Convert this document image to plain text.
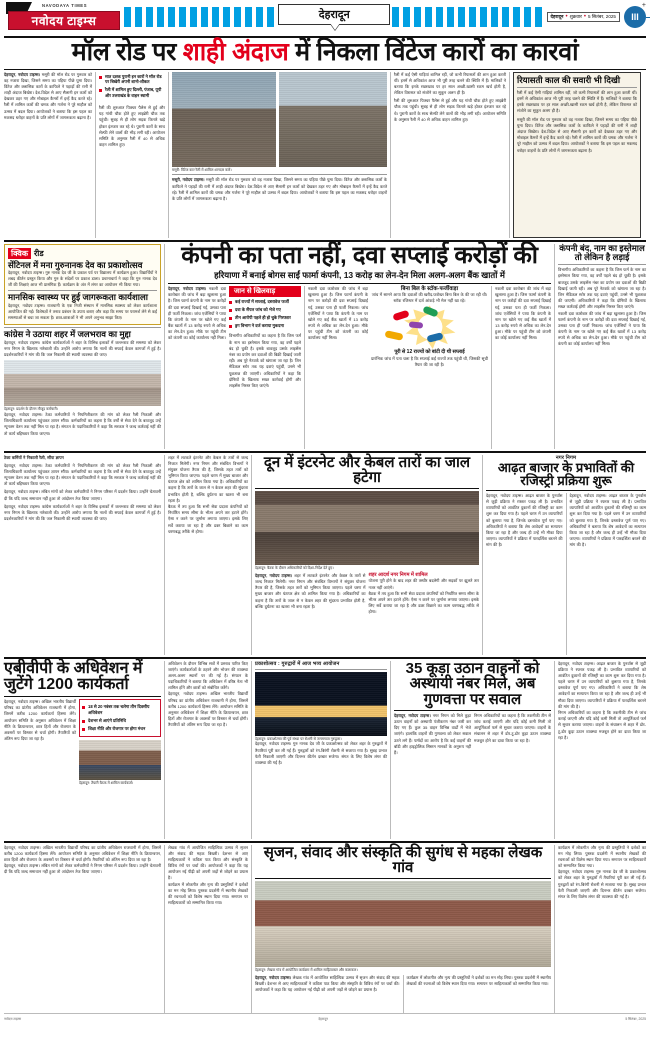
NAVODAYA TIMES
नवोदय टाइम्स	देहरादून	देहरादून • शुक्रवार • 5 सितंबर, 2025 III
+
मॉल रोड पर शाही अंदाज में निकला विंटेज कारों का कारवां

देहरादून, नवोदय टाइम्स। मसूरी की मॉल रोड पर गुरुवार को वह नजारा दिखा, जिसने समय का पहिया पीछे घुमा दिया। विंटेज और क्लासिक कारों के काफिले ने पहाड़ों की रानी में शाही अंदाज बिखेरा। देश-विदेश से आए सैलानी इन कारों को देखकर ठहर गए और मोबाइल कैमरों में इन्हें कैद करते रहे। रैली में शामिल कारों की चमक और गर्जना ने पूरे माहौल को उत्सव में बदल दिया। आयोजकों ने बताया कि इस पहल का मकसद धरोहर वाहनों के प्रति लोगों में जागरूकता बढ़ाना है।

सात दशक पुरानी इन कारों ने मॉल रोड पर बिखेरी अपनी शानो-शौकत
रैली में शामिल हुए दिल्ली, पंजाब, यूपी और उत्तराखंड के वाहन स्वामी

रैली की शुरुआत पिक्चर पैलेस से हुई और यह गांधी चौक होते हुए लाइब्रेरी चौक तक पहुंची। सुबह से ही लोग सड़क किनारे खड़े होकर इंतजार कर रहे थे। पुरानी कारों के साथ सेल्फी लेने वालों की भीड़ लगी रही। आयोजन समिति के अनुसार रैली में 40 से अधिक वाहन शामिल हुए।

मसूरी: विंटेज कार रैली में शामिल शानदार कारें।

मसूरी, नवोदय टाइम्स। मसूरी की मॉल रोड पर गुरुवार को वह नजारा दिखा, जिसने समय का पहिया पीछे घुमा दिया। विंटेज और क्लासिक कारों के काफिले ने पहाड़ों की रानी में शाही अंदाज बिखेरा। देश-विदेश से आए सैलानी इन कारों को देखकर ठहर गए और मोबाइल कैमरों में इन्हें कैद करते रहे। रैली में शामिल कारों की चमक और गर्जना ने पूरे माहौल को उत्सव में बदल दिया। आयोजकों ने बताया कि इस पहल का मकसद धरोहर वाहनों के प्रति लोगों में जागरूकता बढ़ाना है।

रैली में कई ऐसी गाड़ियां शामिल रहीं, जो कभी रियासतों की शान हुआ करती थीं। इनमें से अधिकांश आज भी पूरी तरह चलने की स्थिति में हैं। मालिकों ने बताया कि इनके रखरखाव पर हर साल अच्छी-खासी रकम खर्च होती है, लेकिन विरासत को संजोने का सुकून अलग ही है।

रैली की शुरुआत पिक्चर पैलेस से हुई और यह गांधी चौक होते हुए लाइब्रेरी चौक तक पहुंची। सुबह से ही लोग सड़क किनारे खड़े होकर इंतजार कर रहे थे। पुरानी कारों के साथ सेल्फी लेने वालों की भीड़ लगी रही। आयोजन समिति के अनुसार रैली में 40 से अधिक वाहन शामिल हुए।

रियासती काल की सवारी भी दिखी

रैली में कई ऐसी गाड़ियां शामिल रहीं, जो कभी रियासतों की शान हुआ करती थीं। इनमें से अधिकांश आज भी पूरी तरह चलने की स्थिति में हैं। मालिकों ने बताया कि इनके रखरखाव पर हर साल अच्छी-खासी रकम खर्च होती है, लेकिन विरासत को संजोने का सुकून अलग ही है।

मसूरी की मॉल रोड पर गुरुवार को वह नजारा दिखा, जिसने समय का पहिया पीछे घुमा दिया। विंटेज और क्लासिक कारों के काफिले ने पहाड़ों की रानी में शाही अंदाज बिखेरा। देश-विदेश से आए सैलानी इन कारों को देखकर ठहर गए और मोबाइल कैमरों में इन्हें कैद करते रहे। रैली में शामिल कारों की चमक और गर्जना ने पूरे माहौल को उत्सव में बदल दिया। आयोजकों ने बताया कि इस पहल का मकसद धरोहर वाहनों के प्रति लोगों में जागरूकता बढ़ाना है।

क्विक रीड
सेंटिनल में मना गुरुनानक देव का प्रकाशोत्सव
देहरादून, नवोदय टाइम्स। गुरु नानक देव जी के प्रकाश पर्व पर विद्यालय में कार्यक्रम हुआ। विद्यार्थियों ने शबद कीर्तन प्रस्तुत किया और गुरु के संदेशों पर प्रकाश डाला। प्रधानाचार्य ने कहा कि गुरु नानक देव जी की शिक्षाएं आज भी प्रासंगिक हैं। कार्यक्रम के अंत में लंगर का आयोजन भी किया गया।
मानसिक स्वास्थ्य पर हुई जागरूकता कार्यशाला
देहरादून, नवोदय टाइम्स। राजधानी के एक निजी संस्थान में मानसिक स्वास्थ्य को लेकर कार्यशाला आयोजित की गई। विशेषज्ञों ने तनाव प्रबंधन के उपाय बताए और कहा कि समय पर परामर्श लेने से कई समस्याओं से बचा जा सकता है। छात्र-छात्राओं ने भी अपने अनुभव साझा किए।
कांग्रेस ने उठाया शहर में जलभराव का मुद्दा
देहरादून, नवोदय टाइम्स। कांग्रेस कार्यकर्ताओं ने शहर के विभिन्न इलाकों में जलभराव की समस्या को लेकर नगर निगम के खिलाफ नारेबाजी की। उन्होंने आरोप लगाया कि नालों की सफाई केवल कागजों में हुई है। प्रदर्शनकारियों ने मांग की कि जल निकासी की स्थायी व्यवस्था की जाए।
देहरादून: प्रदर्शन के दौरान मौजूद कर्मचारी।
देहरादून, नवोदय टाइम्स। ठेका कर्मचारियों ने नियमितीकरण की मांग को लेकर रैली निकाली और जिलाधिकारी कार्यालय पहुंचकर ज्ञापन सौंपा। कर्मचारियों का कहना है कि वर्षों से सेवा देने के बावजूद उन्हें न्यूनतम वेतन तक नहीं मिल पा रहा है। संगठन के पदाधिकारियों ने कहा कि सरकार ने जल्द कार्रवाई नहीं की तो कार्य बहिष्कार किया जाएगा।
कंपनी का पता नहीं, दवा सप्लाई करोड़ों की
हरियाणा में बनाई बोगस साईं फार्मा कंपनी, 13 करोड़ का लेन-देन मिला अलग-अलग बैंक खातों में

देहरादून, नवोदय टाइम्स। नकली दवा कारोबार की जांच में बड़ा खुलासा हुआ है। जिस फार्मा कंपनी के नाम पर करोड़ों की दवा सप्लाई दिखाई गई, उसका पता ही फर्जी निकला। जांच एजेंसियों ने पाया कि कंपनी के नाम पर खोले गए कई बैंक खातों में 13 करोड़ रुपये से अधिक का लेन-देन हुआ। मौके पर पहुंची टीम को कंपनी का कोई कार्यालय नहीं मिला।

जान से खिलवाड़
कई राज्यों में सप्लाई, दस्तावेज फर्जी
दवा के सैंपल जांच को भेजे गए
तीन आरोपी पहले ही हो चुके गिरफ्तार
ड्रग विभाग ने दर्ज कराया मुकदमा
विभागीय अधिकारियों का कहना है कि जिस फर्म के नाम का इस्तेमाल किया गया, वह वर्षों पहले बंद हो चुकी है। इसके बावजूद उसके लाइसेंस नंबर का प्रयोग कर दवाओं की बिक्री दिखाई जाती रही। अब पूरे नेटवर्क को खंगाला जा रहा है। जिन मेडिकल स्टोर तक यह दवाएं पहुंचीं, उनसे भी पूछताछ की जाएगी। अधिकारियों ने कहा कि दोषियों के खिलाफ सख्त कार्रवाई होगी और लाइसेंस निरस्त किए जाएंगे।
नकली दवा कारोबार की जांच में बड़ा खुलासा हुआ है। जिस फार्मा कंपनी के नाम पर करोड़ों की दवा सप्लाई दिखाई गई, उसका पता ही फर्जी निकला। जांच एजेंसियों ने पाया कि कंपनी के नाम पर खोले गए कई बैंक खातों में 13 करोड़ रुपये से अधिक का लेन-देन हुआ। मौके पर पहुंची टीम को कंपनी का कोई कार्यालय नहीं मिला।
बिना बिल के स्टॉक-फर्जीवाड़ा
जांच में सामने आया कि दवाओं की खरीद-फरोख्त बिना बिल के की जा रही थी। स्टॉक रजिस्टर में दर्ज आंकड़े भी मेल नहीं खा रहे।
पूरी से 12 राज्यों को बांटी दी थी सप्लाई
प्रारंभिक जांच में पता चला है कि सप्लाई कई राज्यों तक पहुंची थी, जिसकी सूची तैयार की जा रही है।
नकली दवा कारोबार की जांच में बड़ा खुलासा हुआ है। जिस फार्मा कंपनी के नाम पर करोड़ों की दवा सप्लाई दिखाई गई, उसका पता ही फर्जी निकला। जांच एजेंसियों ने पाया कि कंपनी के नाम पर खोले गए कई बैंक खातों में 13 करोड़ रुपये से अधिक का लेन-देन हुआ। मौके पर पहुंची टीम को कंपनी का कोई कार्यालय नहीं मिला।
कंपनी बंद, नाम का इस्तेमाल
तो लेकिन है लड़ाई
विभागीय अधिकारियों का कहना है कि जिस फर्म के नाम का इस्तेमाल किया गया, वह वर्षों पहले बंद हो चुकी है। इसके बावजूद उसके लाइसेंस नंबर का प्रयोग कर दवाओं की बिक्री दिखाई जाती रही। अब पूरे नेटवर्क को खंगाला जा रहा है। जिन मेडिकल स्टोर तक यह दवाएं पहुंचीं, उनसे भी पूछताछ की जाएगी। अधिकारियों ने कहा कि दोषियों के खिलाफ सख्त कार्रवाई होगी और लाइसेंस निरस्त किए जाएंगे।
नकली दवा कारोबार की जांच में बड़ा खुलासा हुआ है। जिस फार्मा कंपनी के नाम पर करोड़ों की दवा सप्लाई दिखाई गई, उसका पता ही फर्जी निकला। जांच एजेंसियों ने पाया कि कंपनी के नाम पर खोले गए कई बैंक खातों में 13 करोड़ रुपये से अधिक का लेन-देन हुआ। मौके पर पहुंची टीम को कंपनी का कोई कार्यालय नहीं मिला।

ठेका कर्मियों ने निकाली रैली, सौंपा ज्ञापन

देहरादून, नवोदय टाइम्स। ठेका कर्मचारियों ने नियमितीकरण की मांग को लेकर रैली निकाली और जिलाधिकारी कार्यालय पहुंचकर ज्ञापन सौंपा। कर्मचारियों का कहना है कि वर्षों से सेवा देने के बावजूद उन्हें न्यूनतम वेतन तक नहीं मिल पा रहा है। संगठन के पदाधिकारियों ने कहा कि सरकार ने जल्द कार्रवाई नहीं की तो कार्य बहिष्कार किया जाएगा।

देहरादून, नवोदय टाइम्स। लंबित मांगों को लेकर कर्मचारियों ने निगम परिसर में प्रदर्शन किया। उन्होंने चेतावनी दी कि यदि जल्द समाधान नहीं हुआ तो आंदोलन तेज किया जाएगा।

देहरादून, नवोदय टाइम्स। कांग्रेस कार्यकर्ताओं ने शहर के विभिन्न इलाकों में जलभराव की समस्या को लेकर नगर निगम के खिलाफ नारेबाजी की। उन्होंने आरोप लगाया कि नालों की सफाई केवल कागजों में हुई है। प्रदर्शनकारियों ने मांग की कि जल निकासी की स्थायी व्यवस्था की जाए।

शहर में लटकते इंटरनेट और केबल के तारों से जल्द निजात मिलेगी। नगर निगम और संबंधित विभागों ने संयुक्त योजना तैयार की है, जिसके तहत तारों को भूमिगत किया जाएगा। पहले चरण में मुख्य बाजार और घंटाघर क्षेत्र को शामिल किया गया है। अधिकारियों का कहना है कि तारों के जाल से न केवल शहर की सुंदरता प्रभावित होती है, बल्कि दुर्घटना का खतरा भी बना रहता है।
बैठक में तय हुआ कि सभी सेवा प्रदाता कंपनियों को निर्धारित समय सीमा के भीतर अपने तार हटाने होंगे। ऐसा न करने पर जुर्माना लगाया जाएगा। इसके लिए सर्वे कराया जा रहा है और डक्ट बिछाने का काम चरणबद्ध तरीके से होगा।
दून में इंटरनेट और केबल तारों का जाल हटेगा
देहरादून: बैठक के दौरान अधिकारियों को दिशा-निर्देश देते हुए।

देहरादून, नवोदय टाइम्स। शहर में लटकते इंटरनेट और केबल के तारों से जल्द निजात मिलेगी। नगर निगम और संबंधित विभागों ने संयुक्त योजना तैयार की है, जिसके तहत तारों को भूमिगत किया जाएगा। पहले चरण में मुख्य बाजार और घंटाघर क्षेत्र को शामिल किया गया है। अधिकारियों का कहना है कि तारों के जाल से न केवल शहर की सुंदरता प्रभावित होती है, बल्कि दुर्घटना का खतरा भी बना रहता है।

शहर आदर्श नगर निगम में शामिल
योजना पूरी होने के बाद शहर की तस्वीर बदलेगी और सड़कों पर झूलते तार नजर नहीं आएंगे।
बैठक में तय हुआ कि सभी सेवा प्रदाता कंपनियों को निर्धारित समय सीमा के भीतर अपने तार हटाने होंगे। ऐसा न करने पर जुर्माना लगाया जाएगा। इसके लिए सर्वे कराया जा रहा है और डक्ट बिछाने का काम चरणबद्ध तरीके से होगा।
नगर निगम
आढ़त बाजार के प्रभावितों की रजिस्ट्री प्रक्रिया शुरू
देहरादून, नवोदय टाइम्स। आढ़त बाजार के पुनर्वास से जुड़ी प्रक्रिया ने रफ्तार पकड़ ली है। प्रभावित व्यापारियों को आवंटित दुकानों की रजिस्ट्री का काम शुरू कर दिया गया है। पहले चरण में उन व्यापारियों को बुलाया गया है, जिनके दस्तावेज पूर्ण पाए गए। अधिकारियों ने बताया कि शेष आवेदनों का सत्यापन किया जा रहा है और जल्द ही उन्हें भी मौका दिया जाएगा। व्यापारियों ने प्रक्रिया में पारदर्शिता बरतने की मांग की है।
देहरादून, नवोदय टाइम्स। आढ़त बाजार के पुनर्वास से जुड़ी प्रक्रिया ने रफ्तार पकड़ ली है। प्रभावित व्यापारियों को आवंटित दुकानों की रजिस्ट्री का काम शुरू कर दिया गया है। पहले चरण में उन व्यापारियों को बुलाया गया है, जिनके दस्तावेज पूर्ण पाए गए। अधिकारियों ने बताया कि शेष आवेदनों का सत्यापन किया जा रहा है और जल्द ही उन्हें भी मौका दिया जाएगा। व्यापारियों ने प्रक्रिया में पारदर्शिता बरतने की मांग की है।
एबीवीपी के अधिवेशन में जुटेंगे 1200 कार्यकर्ता

देहरादून, नवोदय टाइम्स। अखिल भारतीय विद्यार्थी परिषद का प्रांतीय अधिवेशन राजधानी में होगा, जिसमें करीब 1200 कार्यकर्ता हिस्सा लेंगे। आयोजन समिति के अनुसार अधिवेशन में शिक्षा नीति के क्रियान्वयन, छात्र हितों और रोजगार के अवसरों पर विस्तार से चर्चा होगी। तैयारियों को अंतिम रूप दिया जा रहा है।

18 से 20 नवंबर तक चलेगा तीन दिवसीय अधिवेशन
देशभर से आएंगे प्रतिनिधि
शिक्षा नीति और रोजगार पर होगा मंथन
देहरादून: तैयारी बैठक में शामिल कार्यकर्ता।
अधिवेशन के दौरान विभिन्न सत्रों में प्रस्ताव पारित किए जाएंगे। कार्यकर्ताओं के ठहरने और भोजन की व्यवस्था अलग-अलग स्थानों पर की गई है। संगठन के पदाधिकारियों ने बताया कि अधिवेशन में वरिष्ठ नेता भी शामिल होंगे और छात्रों को संबोधित करेंगे।
देहरादून, नवोदय टाइम्स। अखिल भारतीय विद्यार्थी परिषद का प्रांतीय अधिवेशन राजधानी में होगा, जिसमें करीब 1200 कार्यकर्ता हिस्सा लेंगे। आयोजन समिति के अनुसार अधिवेशन में शिक्षा नीति के क्रियान्वयन, छात्र हितों और रोजगार के अवसरों पर विस्तार से चर्चा होगी। तैयारियों को अंतिम रूप दिया जा रहा है।
प्रकाशोत्सव : गुरुद्वारों में आज भव्य आयोजन
देहरादून: प्रकाशोत्सव की पूर्व संध्या पर रोशनी से जगमगाता गुरुद्वारा।
देहरादून, नवोदय टाइम्स। गुरु नानक देव जी के प्रकाशोत्सव को लेकर शहर के गुरुद्वारों में तैयारियां पूरी कर ली गई हैं। गुरुद्वारों को रंग-बिरंगी रोशनी से सजाया गया है। सुबह प्रभात फेरी निकाली जाएगी और दिनभर कीर्तन दरबार सजेगा। संगत के लिए विशेष लंगर की व्यवस्था की गई है।
35 कूड़ा उठान वाहनों को अस्थायी नंबर मिले, अब गुणवत्ता पर सवाल

देहरादून, नवोदय टाइम्स। नगर निगम को मिले कूड़ा उठान वाहनों को अस्थायी पंजीकरण नंबर जारी कर दिए गए हैं। कुल 35 वाहन विभिन्न वार्डों में भेजे जाएंगे। हालांकि वाहनों की गुणवत्ता को लेकर सवाल उठने लगे हैं। पार्षदों का आरोप है कि कई वाहनों की बॉडी और हाइड्रोलिक सिस्टम मानकों के अनुरूप नहीं हैं।

निगम अधिकारियों का कहना है कि तकनीकी टीम से जांच कराई जाएगी और यदि कोई कमी मिली तो आपूर्तिकर्ता फर्म से सुधार कराया जाएगा। वाहनों के संचालन से शहर में डोर-टू-डोर कूड़ा उठान व्यवस्था मजबूत होने का दावा किया जा रहा है।
देहरादून, नवोदय टाइम्स। आढ़त बाजार के पुनर्वास से जुड़ी प्रक्रिया ने रफ्तार पकड़ ली है। प्रभावित व्यापारियों को आवंटित दुकानों की रजिस्ट्री का काम शुरू कर दिया गया है। पहले चरण में उन व्यापारियों को बुलाया गया है, जिनके दस्तावेज पूर्ण पाए गए। अधिकारियों ने बताया कि शेष आवेदनों का सत्यापन किया जा रहा है और जल्द ही उन्हें भी मौका दिया जाएगा। व्यापारियों ने प्रक्रिया में पारदर्शिता बरतने की मांग की है।
निगम अधिकारियों का कहना है कि तकनीकी टीम से जांच कराई जाएगी और यदि कोई कमी मिली तो आपूर्तिकर्ता फर्म से सुधार कराया जाएगा। वाहनों के संचालन से शहर में डोर-टू-डोर कूड़ा उठान व्यवस्था मजबूत होने का दावा किया जा रहा है।
देहरादून, नवोदय टाइम्स। अखिल भारतीय विद्यार्थी परिषद का प्रांतीय अधिवेशन राजधानी में होगा, जिसमें करीब 1200 कार्यकर्ता हिस्सा लेंगे। आयोजन समिति के अनुसार अधिवेशन में शिक्षा नीति के क्रियान्वयन, छात्र हितों और रोजगार के अवसरों पर विस्तार से चर्चा होगी। तैयारियों को अंतिम रूप दिया जा रहा है।
देहरादून, नवोदय टाइम्स। लंबित मांगों को लेकर कर्मचारियों ने निगम परिसर में प्रदर्शन किया। उन्होंने चेतावनी दी कि यदि जल्द समाधान नहीं हुआ तो आंदोलन तेज किया जाएगा।
लेखक गांव में आयोजित साहित्यिक उत्सव में सृजन और संवाद की महक बिखरी। देशभर से आए साहित्यकारों ने कविता पाठ किया और संस्कृति के विविध रंगों पर चर्चा की। आयोजकों ने कहा कि यह आयोजन नई पीढ़ी को अपनी जड़ों से जोड़ने का प्रयास है।
कार्यक्रम में लोकगीत और नृत्य की प्रस्तुतियों ने दर्शकों का मन मोह लिया। पुस्तक प्रदर्शनी में स्थानीय लेखकों की रचनाओं को विशेष स्थान दिया गया। समापन पर साहित्यकारों को सम्मानित किया गया।
सृजन, संवाद और संस्कृति की सुगंध से महका लेखक गांव
देहरादून: लेखक गांव में आयोजित कार्यक्रम में शामिल साहित्यकार और कलाकार।

देहरादून, नवोदय टाइम्स। लेखक गांव में आयोजित साहित्यिक उत्सव में सृजन और संवाद की महक बिखरी। देशभर से आए साहित्यकारों ने कविता पाठ किया और संस्कृति के विविध रंगों पर चर्चा की। आयोजकों ने कहा कि यह आयोजन नई पीढ़ी को अपनी जड़ों से जोड़ने का प्रयास है।

कार्यक्रम में लोकगीत और नृत्य की प्रस्तुतियों ने दर्शकों का मन मोह लिया। पुस्तक प्रदर्शनी में स्थानीय लेखकों की रचनाओं को विशेष स्थान दिया गया। समापन पर साहित्यकारों को सम्मानित किया गया।
कार्यक्रम में लोकगीत और नृत्य की प्रस्तुतियों ने दर्शकों का मन मोह लिया। पुस्तक प्रदर्शनी में स्थानीय लेखकों की रचनाओं को विशेष स्थान दिया गया। समापन पर साहित्यकारों को सम्मानित किया गया।
देहरादून, नवोदय टाइम्स। गुरु नानक देव जी के प्रकाशोत्सव को लेकर शहर के गुरुद्वारों में तैयारियां पूरी कर ली गई हैं। गुरुद्वारों को रंग-बिरंगी रोशनी से सजाया गया है। सुबह प्रभात फेरी निकाली जाएगी और दिनभर कीर्तन दरबार सजेगा। संगत के लिए विशेष लंगर की व्यवस्था की गई है।
नवोदय टाइम्स	देहरादून	5 सितंबर, 2025
